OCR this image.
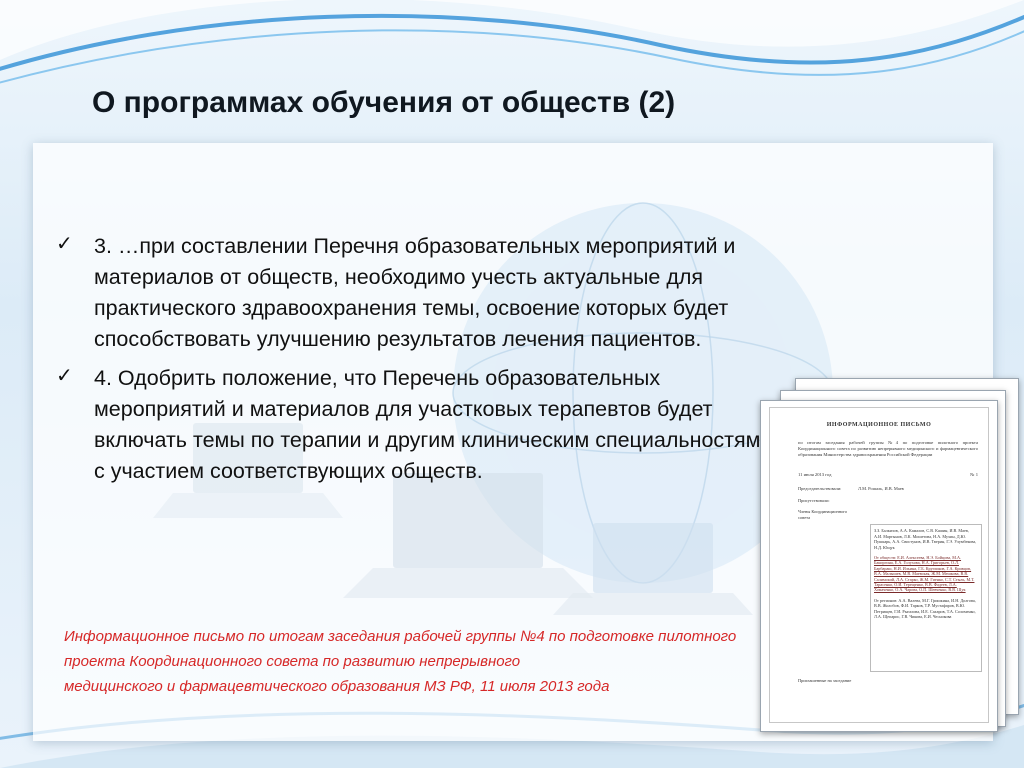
О программах обучения от обществ (2)
✓ 3. …при составлении Перечня образовательных мероприятий и материалов от обществ, необходимо учесть актуальные для практического здравоохранения темы, освоение которых будет способствовать улучшению результатов лечения пациентов.
✓ 4. Одобрить положение, что Перечень образовательных мероприятий и материалов для участковых терапевтов будет включать темы по терапии и другим клиническим специальностям с участием соответствующих обществ.
ИНФОРМАЦИОННОЕ ПИСЬМО
по итогам заседания рабочей группы №4 по подготовке пилотного проекта Координационного совета по развитию непрерывного медицинского и фармацевтического образования Министерства здравоохранения Российской Федерации
11 июля 2013 год	№ 1
Председательствовали:	Л.М. Рошаль, И.В. Маев
Присутствовали:
Члены Координационного совета

З.З. Балкизов, А.А. Камалов, С.В. Кашин, И.В. Маев, А.И. Мартынов, Л.К. Мошетова, Н.А. Мухин, Д.Ю. Пушкарь, А.А. Свистунов, И.В. Тверин, Г.Э. Улумбекова, Н.Д. Ющук

От обществ: Е.И. Алексеева, Н.Э. Бойцова, М.А. Бакиргина, Е.А. Голухова, Н.А. Григорьев, О.Л. Барбараш, Н.И. Ильина, Г.Б. Кругликов, Г.А. Кривцов, В.А. Малышев, М.В. Маевская, Ж.М. Мешкова, В.В. Салимский, Л.А. Старко, Ж.М. Гиенко, С.Т. Стыль, М.Т. Тарасенко, О.И. Терещенко, В.В. Фадеев, Л.А. Хомаченко, О.А. Чарова, О.П. Шевченко, В.В. Щук

От регионов: А.А. Валева, М.Г. Гришкина, И.Н. Долгова, В.В. Жолобов, Ф.И. Тарков, Т.Р. Мустафаров, В.Ю. Петрищев, Г.И. Рыгалова, И.Е. Сахаров, Т.А. Соломенко, Л.А. Щепарис, Г.В. Чикова, Е.И. Чеснокова

Приглашенные на заседание
Информационное письмо по итогам заседания рабочей группы №4 по подготовке пилотного
проекта Координационного совета по развитию непрерывного
медицинского и фармацевтического образования МЗ РФ, 11 июля 2013 года
